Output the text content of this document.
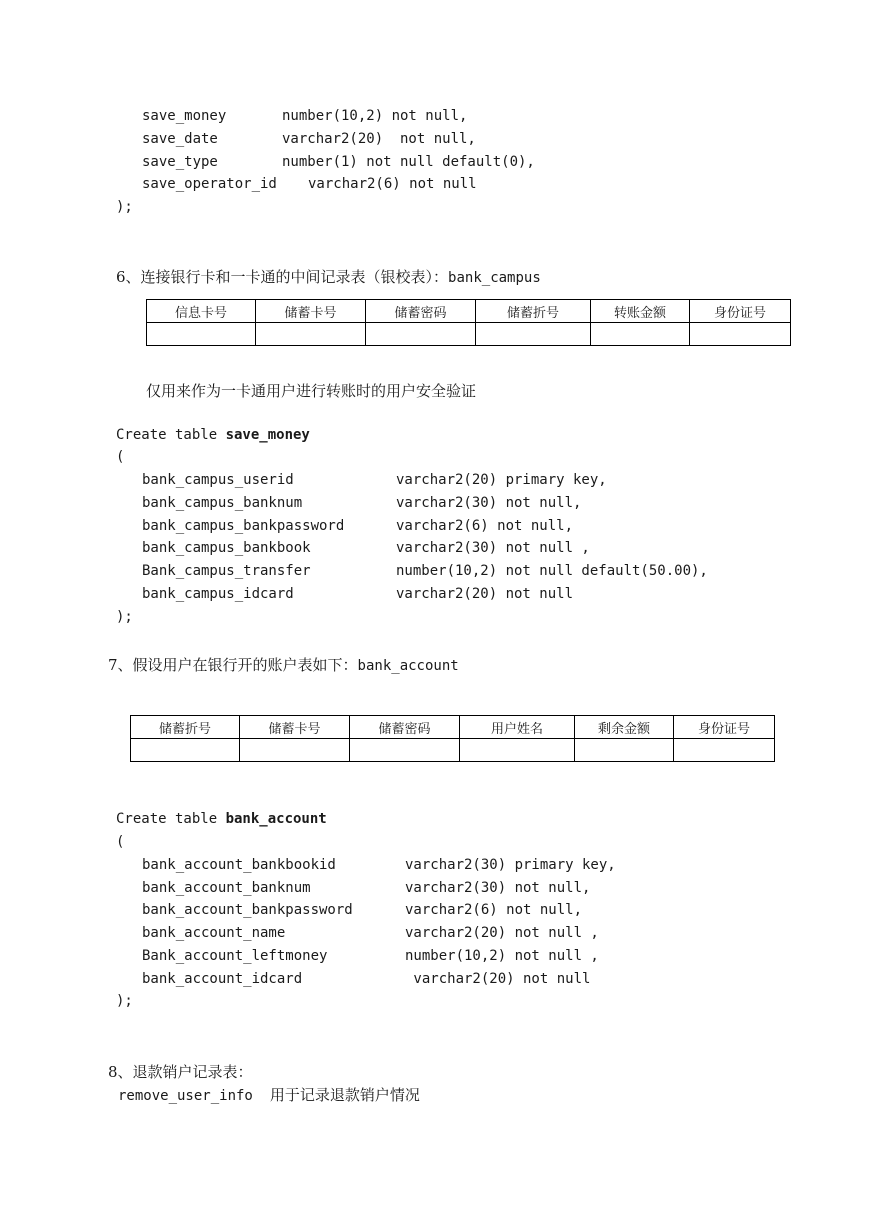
save_money	number(10,2) not null,
save_date	varchar2(20)  not null,
save_type	number(1) not null default(0),
save_operator_id varchar2(6) not null
);
6、连接银行卡和一卡通的中间记录表（银校表）：bank_campus
信息卡号	储蓄卡号	储蓄密码	储蓄折号	转账金额	身份证号

仅用来作为一卡通用户进行转账时的用户安全验证
Create table save_money
(
bank_campus_userid	varchar2(20) primary key,
bank_campus_banknum	varchar2(30) not null,
bank_campus_bankpassword	varchar2(6) not null,
bank_campus_bankbook	varchar2(30) not null ,
Bank_campus_transfer	number(10,2) not null default(50.00),
bank_campus_idcard	varchar2(20) not null
);
7、假设用户在银行开的账户表如下：bank_account
储蓄折号	储蓄卡号	储蓄密码	用户姓名	剩余金额	身份证号

Create table bank_account
(
bank_account_bankbookid	varchar2(30) primary key,
bank_account_banknum	varchar2(30) not null,
bank_account_bankpassword	varchar2(6) not null,
bank_account_name	varchar2(20) not null ,
Bank_account_leftmoney	number(10,2) not null ,
bank_account_idcard	varchar2(20) not null
);
8、退款销户记录表：
remove_user_info 用于记录退款销户情况
